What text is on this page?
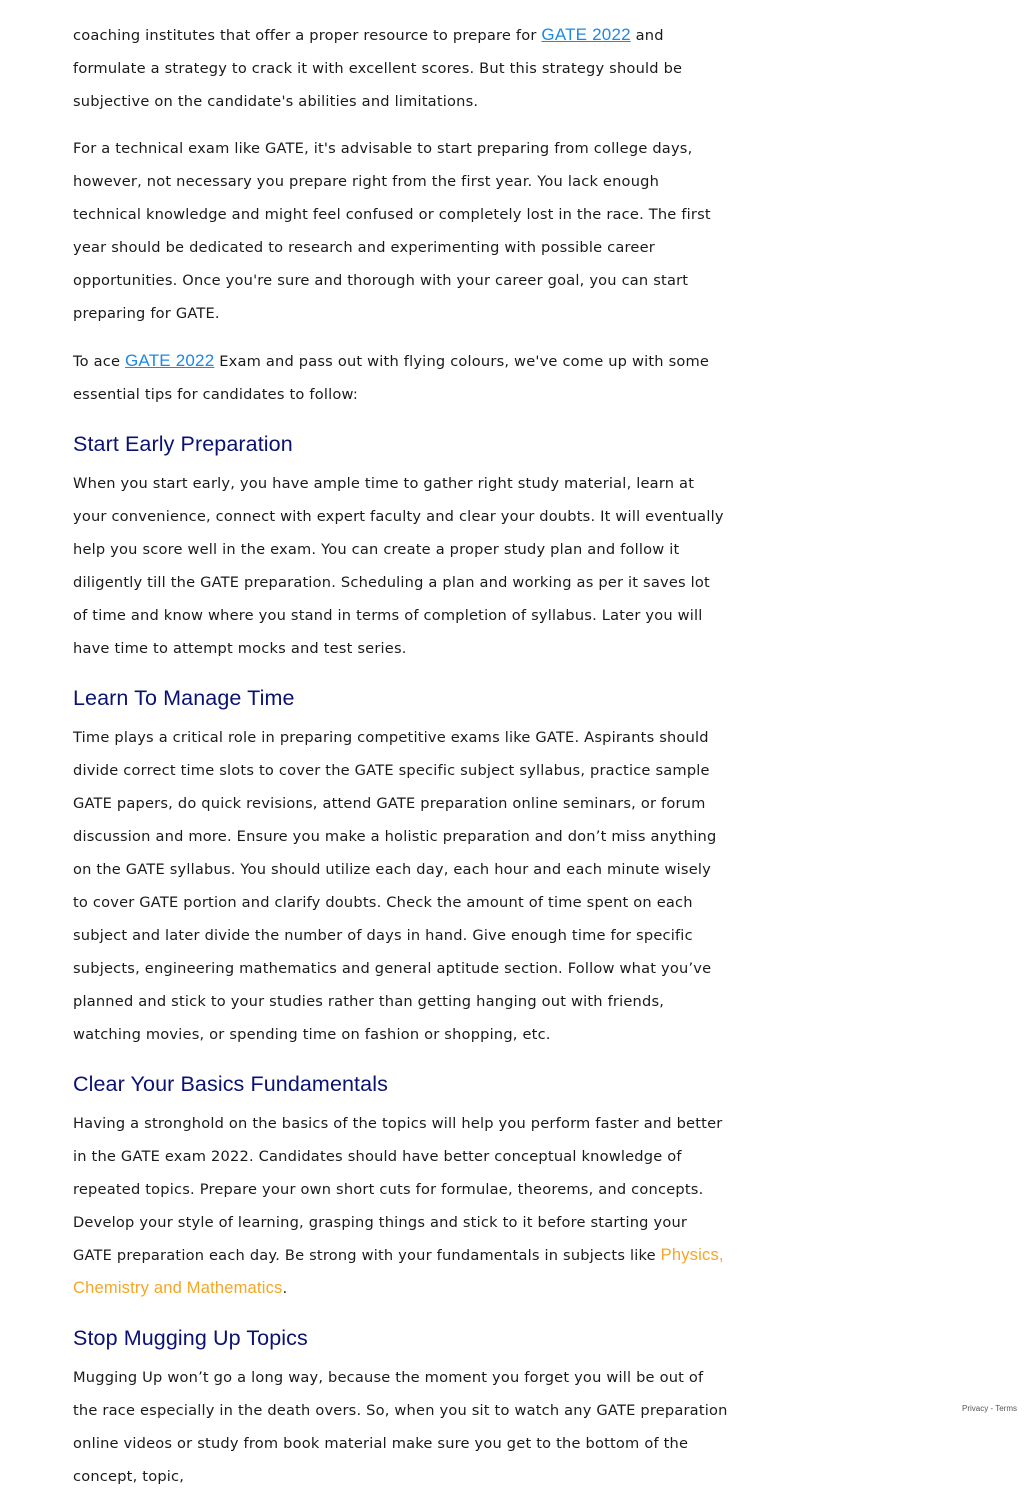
coaching institutes that offer a proper resource to prepare for GATE 2022 and formulate a strategy to crack it with excellent scores. But this strategy should be subjective on the candidate's abilities and limitations.

For a technical exam like GATE, it's advisable to start preparing from college days, however, not necessary you prepare right from the first year. You lack enough technical knowledge and might feel confused or completely lost in the race. The first year should be dedicated to research and experimenting with possible career opportunities. Once you're sure and thorough with your career goal, you can start preparing for GATE.

To ace GATE 2022 Exam and pass out with flying colours, we've come up with some essential tips for candidates to follow:

Start Early Preparation

When you start early, you have ample time to gather right study material, learn at your convenience, connect with expert faculty and clear your doubts. It will eventually help you score well in the exam. You can create a proper study plan and follow it diligently till the GATE preparation. Scheduling a plan and working as per it saves lot of time and know where you stand in terms of completion of syllabus. Later you will have time to attempt mocks and test series.

Learn To Manage Time

Time plays a critical role in preparing competitive exams like GATE. Aspirants should divide correct time slots to cover the GATE specific subject syllabus, practice sample GATE papers, do quick revisions, attend GATE preparation online seminars, or forum discussion and more. Ensure you make a holistic preparation and don’t miss anything on the GATE syllabus. You should utilize each day, each hour and each minute wisely to cover GATE portion and clarify doubts. Check the amount of time spent on each subject and later divide the number of days in hand. Give enough time for specific subjects, engineering mathematics and general aptitude section. Follow what you’ve planned and stick to your studies rather than getting hanging out with friends, watching movies, or spending time on fashion or shopping, etc.

Clear Your Basics Fundamentals

Having a stronghold on the basics of the topics will help you perform faster and better in the GATE exam 2022. Candidates should have better conceptual knowledge of repeated topics. Prepare your own short cuts for formulae, theorems, and concepts. Develop your style of learning, grasping things and stick to it before starting your GATE preparation each day. Be strong with your fundamentals in subjects like Physics, Chemistry and Mathematics.

Stop Mugging Up Topics

Mugging Up won’t go a long way, because the moment you forget you will be out of the race especially in the death overs. So, when you sit to watch any GATE preparation online videos or study from book material make sure you get to the bottom of the concept, topic,

Privacy - Terms
